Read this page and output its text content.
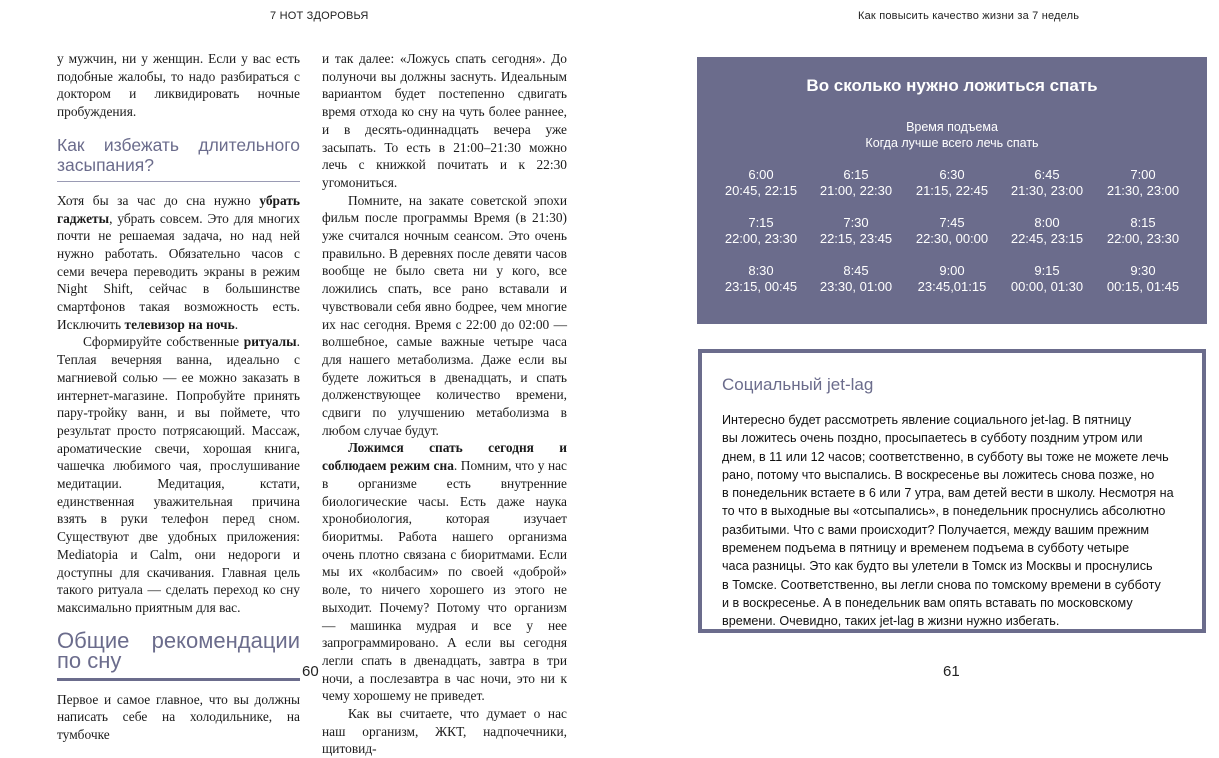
7 НОТ ЗДОРОВЬЯ

у мужчин, ни у женщин. Если у вас есть подобные жалобы, то надо разбираться с доктором и ликвидировать ночные пробуждения.

Как избежать длительного засыпания?

Хотя бы за час до сна нужно убрать гаджеты, убрать совсем. Это для многих почти не решаемая задача, но над ней нужно работать. Обязательно часов с семи вечера переводить экраны в режим Night Shift, сейчас в большинстве смартфонов такая возможность есть. Исключить телевизор на ночь.

Сформируйте собственные ритуалы. Теплая вечерняя ванна, идеально с магниевой солью — ее можно заказать в интернет-магазине. Попробуйте принять пару-тройку ванн, и вы поймете, что результат просто потрясающий. Массаж, ароматические свечи, хорошая книга, чашечка любимого чая, прослушивание медитации. Медитация, кстати, единственная уважительная причина взять в руки телефон перед сном. Существуют две удобных приложения: Mediatopia и Calm, они недороги и доступны для скачивания. Главная цель такого ритуала — сделать переход ко сну максимально приятным для вас.

Общие рекомендации по сну

Первое и самое главное, что вы должны написать себе на холодильнике, на тумбочке

и так далее: «Ложусь спать сегодня». До полуночи вы должны заснуть. Идеальным вариантом будет постепенно сдвигать время отхода ко сну на чуть более раннее, и в десять-одиннадцать вечера уже засыпать. То есть в 21:00–21:30 можно лечь с книжкой почитать и к 22:30 угомониться.

Помните, на закате советской эпохи фильм после программы Время (в 21:30) уже считался ночным сеансом. Это очень правильно. В деревнях после девяти часов вообще не было света ни у кого, все ложились спать, все рано вставали и чувствовали себя явно бодрее, чем многие их нас сегодня. Время с 22:00 до 02:00 — волшебное, самые важные четыре часа для нашего метаболизма. Даже если вы будете ложиться в двенадцать, и спать долженствующее количество времени, сдвиги по улучшению метаболизма в любом случае будут.

Ложимся спать сегодня и соблюдаем режим сна. Помним, что у нас в организме есть внутренние биологические часы. Есть даже наука хронобиология, которая изучает биоритмы. Работа нашего организма очень плотно связана с биоритмами. Если мы их «колбасим» по своей «доброй» воле, то ничего хорошего из этого не выходит. Почему? Потому что организм — машинка мудрая и все у нее запрограммировано. А если вы сегодня легли спать в двенадцать, завтра в три ночи, а послезавтра в час ночи, это ни к чему хорошему не приведет.

Как вы считаете, что думает о нас наш организм, ЖКТ, надпочечники, щитовид-

60
Как повысить качество жизни за 7 недель
Во сколько нужно ложиться спать
Время подъема
Когда лучше всего лечь спать
6:00
20:45, 22:15
6:15
21:00, 22:30
6:30
21:15, 22:45
6:45
21:30, 23:00
7:00
21:30, 23:00
7:15
22:00, 23:30
7:30
22:15, 23:45
7:45
22:30, 00:00
8:00
22:45, 23:15
8:15
22:00, 23:30
8:30
23:15, 00:45
8:45
23:30, 01:00
9:00
23:45,01:15
9:15
00:00, 01:30
9:30
00:15, 01:45
Социальный jet-lag
Интересно будет рассмотреть явление социального jet-lag. В пятницу
вы ложитесь очень поздно, просыпаетесь в субботу поздним утром или
днем, в 11 или 12 часов; соответственно, в субботу вы тоже не можете лечь
рано, потому что выспались. В воскресенье вы ложитесь снова позже, но
в понедельник встаете в 6 или 7 утра, вам детей вести в школу. Несмотря на
то что в выходные вы «отсыпались», в понедельник проснулись абсолютно
разбитыми. Что с вами происходит? Получается, между вашим прежним
временем подъема в пятницу и временем подъема в субботу четыре
часа разницы. Это как будто вы улетели в Томск из Москвы и проснулись
в Томске. Соответственно, вы легли снова по томскому времени в субботу
и в воскресенье. А в понедельник вам опять вставать по московскому
времени. Очевидно, таких jet-lag в жизни нужно избегать.
61
